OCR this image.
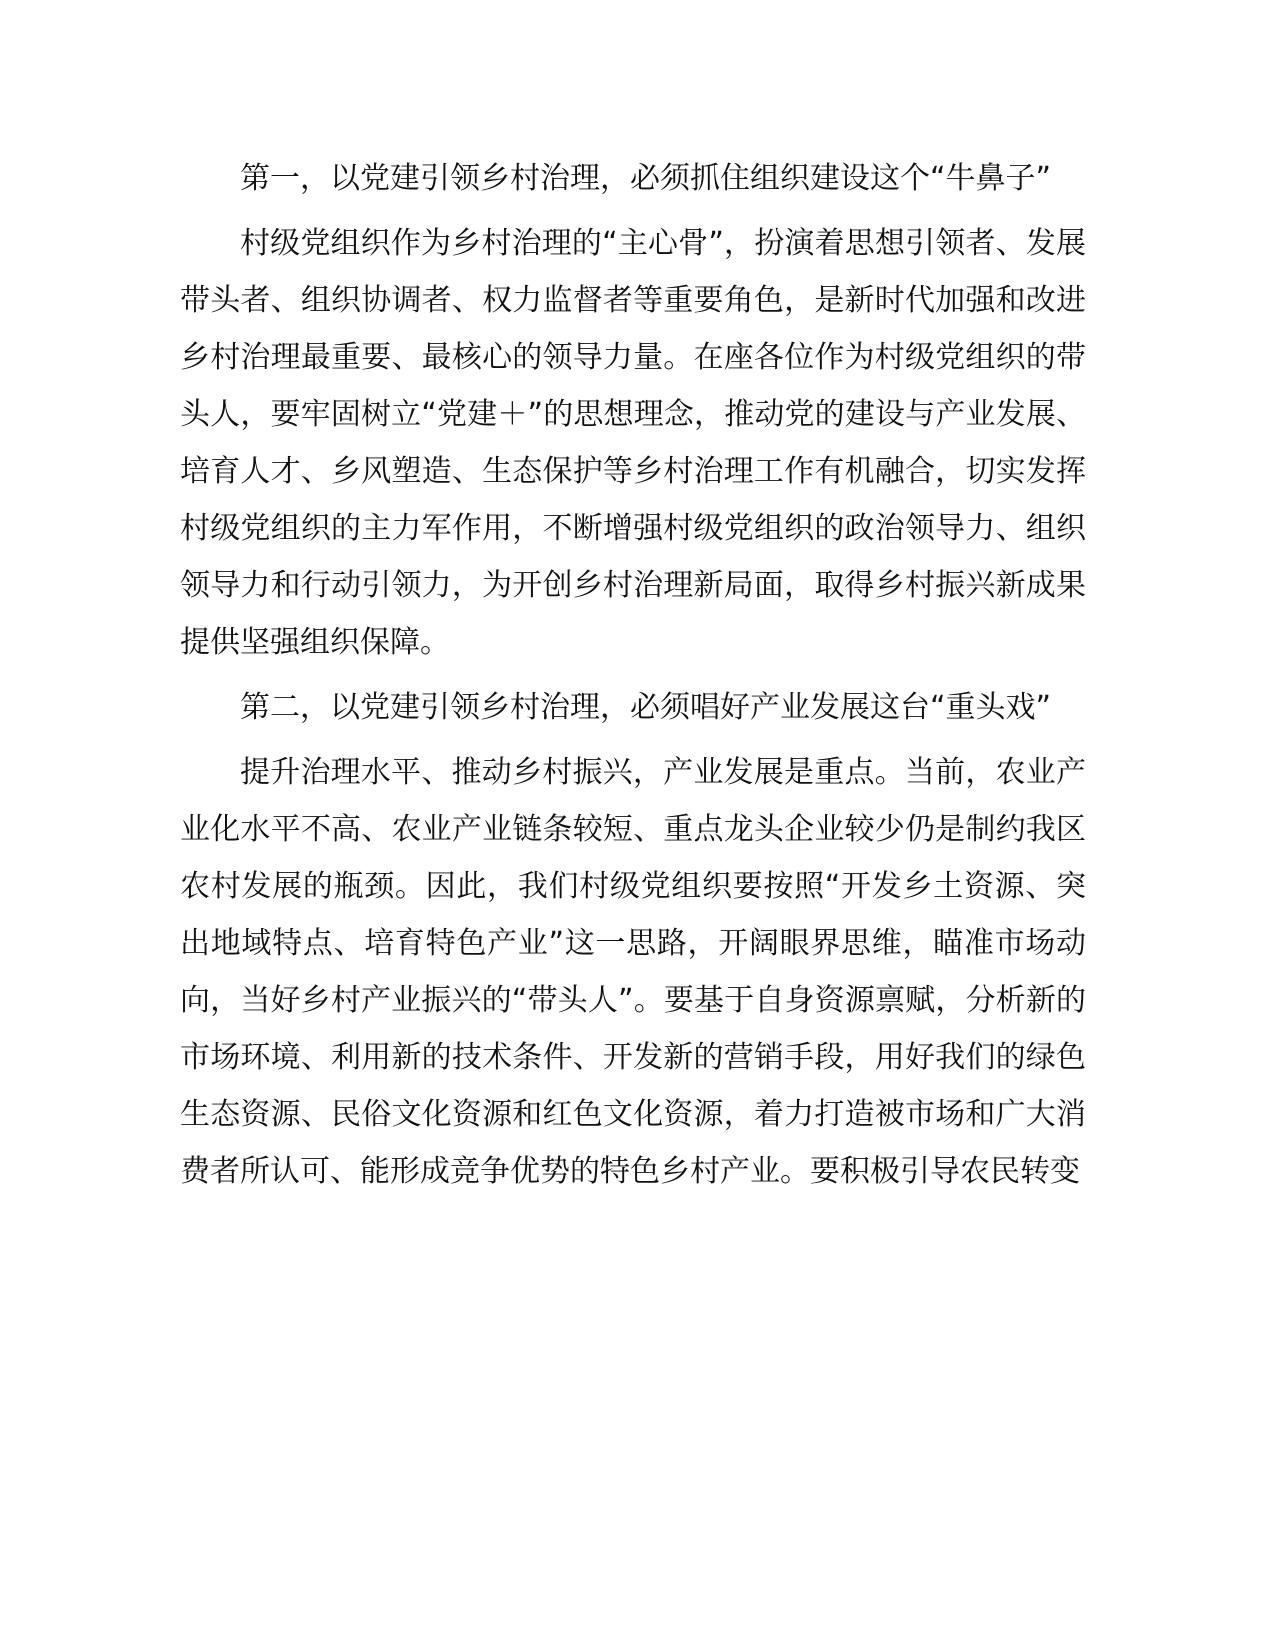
第一，以党建引领乡村治理，必须抓住组织建设这个“牛鼻子”

村级党组织作为乡村治理的“主心骨”，扮演着思想引领者、发展带头者、组织协调者、权力监督者等重要角色，是新时代加强和改进乡村治理最重要、最核心的领导力量。在座各位作为村级党组织的带头人，要牢固树立“党建＋”的思想理念，推动党的建设与产业发展、培育人才、乡风塑造、生态保护等乡村治理工作有机融合，切实发挥村级党组织的主力军作用，不断增强村级党组织的政治领导力、组织领导力和行动引领力，为开创乡村治理新局面，取得乡村振兴新成果提供坚强组织保障。

第二，以党建引领乡村治理，必须唱好产业发展这台“重头戏”

提升治理水平、推动乡村振兴，产业发展是重点。当前，农业产业化水平不高、农业产业链条较短、重点龙头企业较少仍是制约我区农村发展的瓶颈。因此，我们村级党组织要按照“开发乡土资源、突出地域特点、培育特色产业”这一思路，开阔眼界思维，瞄准市场动向，当好乡村产业振兴的“带头人”。要基于自身资源禀赋，分析新的市场环境、利用新的技术条件、开发新的营销手段，用好我们的绿色生态资源、民俗文化资源和红色文化资源，着力打造被市场和广大消费者所认可、能形成竞争优势的特色乡村产业。要积极引导农民转变
